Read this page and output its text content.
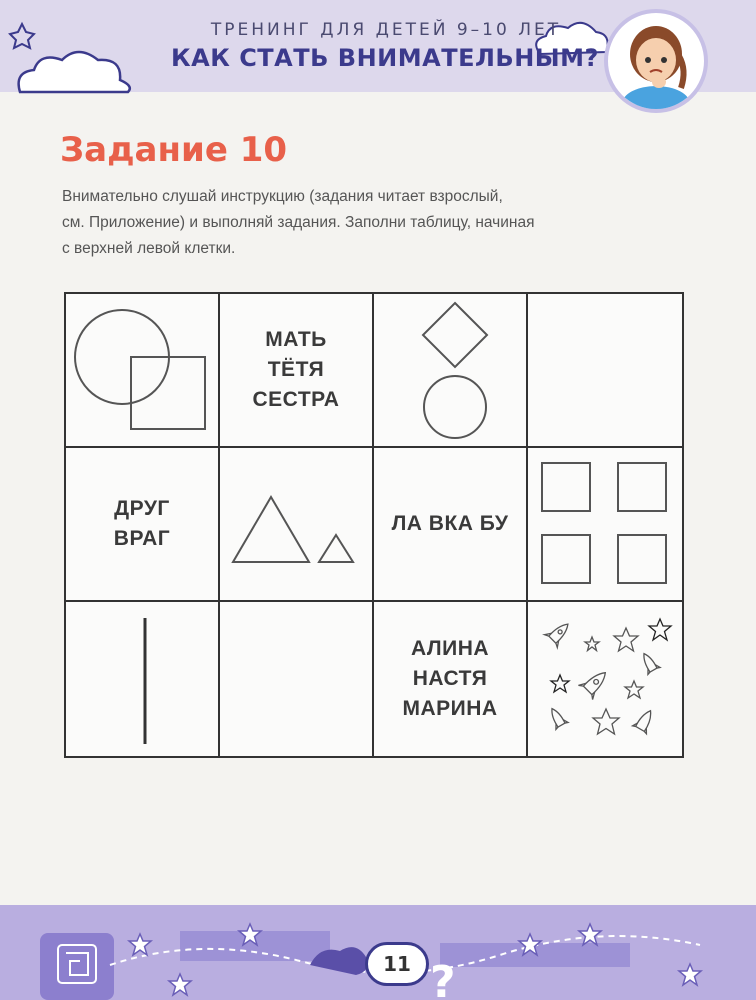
ТРЕНИНГ ДЛЯ ДЕТЕЙ 9–10 ЛЕТ
КАК СТАТЬ ВНИМАТЕЛЬНЫМ?
Задание 10
Внимательно слушай инструкцию (задания читает взрослый,
см. Приложение) и выполняй задания. Заполни таблицу, начиная
с верхней левой клетки.
МАТЬ
ТЁТЯ
СЕСТРА
ДРУГ
ВРАГ
ЛА ВКА БУ
АЛИНА
НАСТЯ
МАРИНА
?
11
